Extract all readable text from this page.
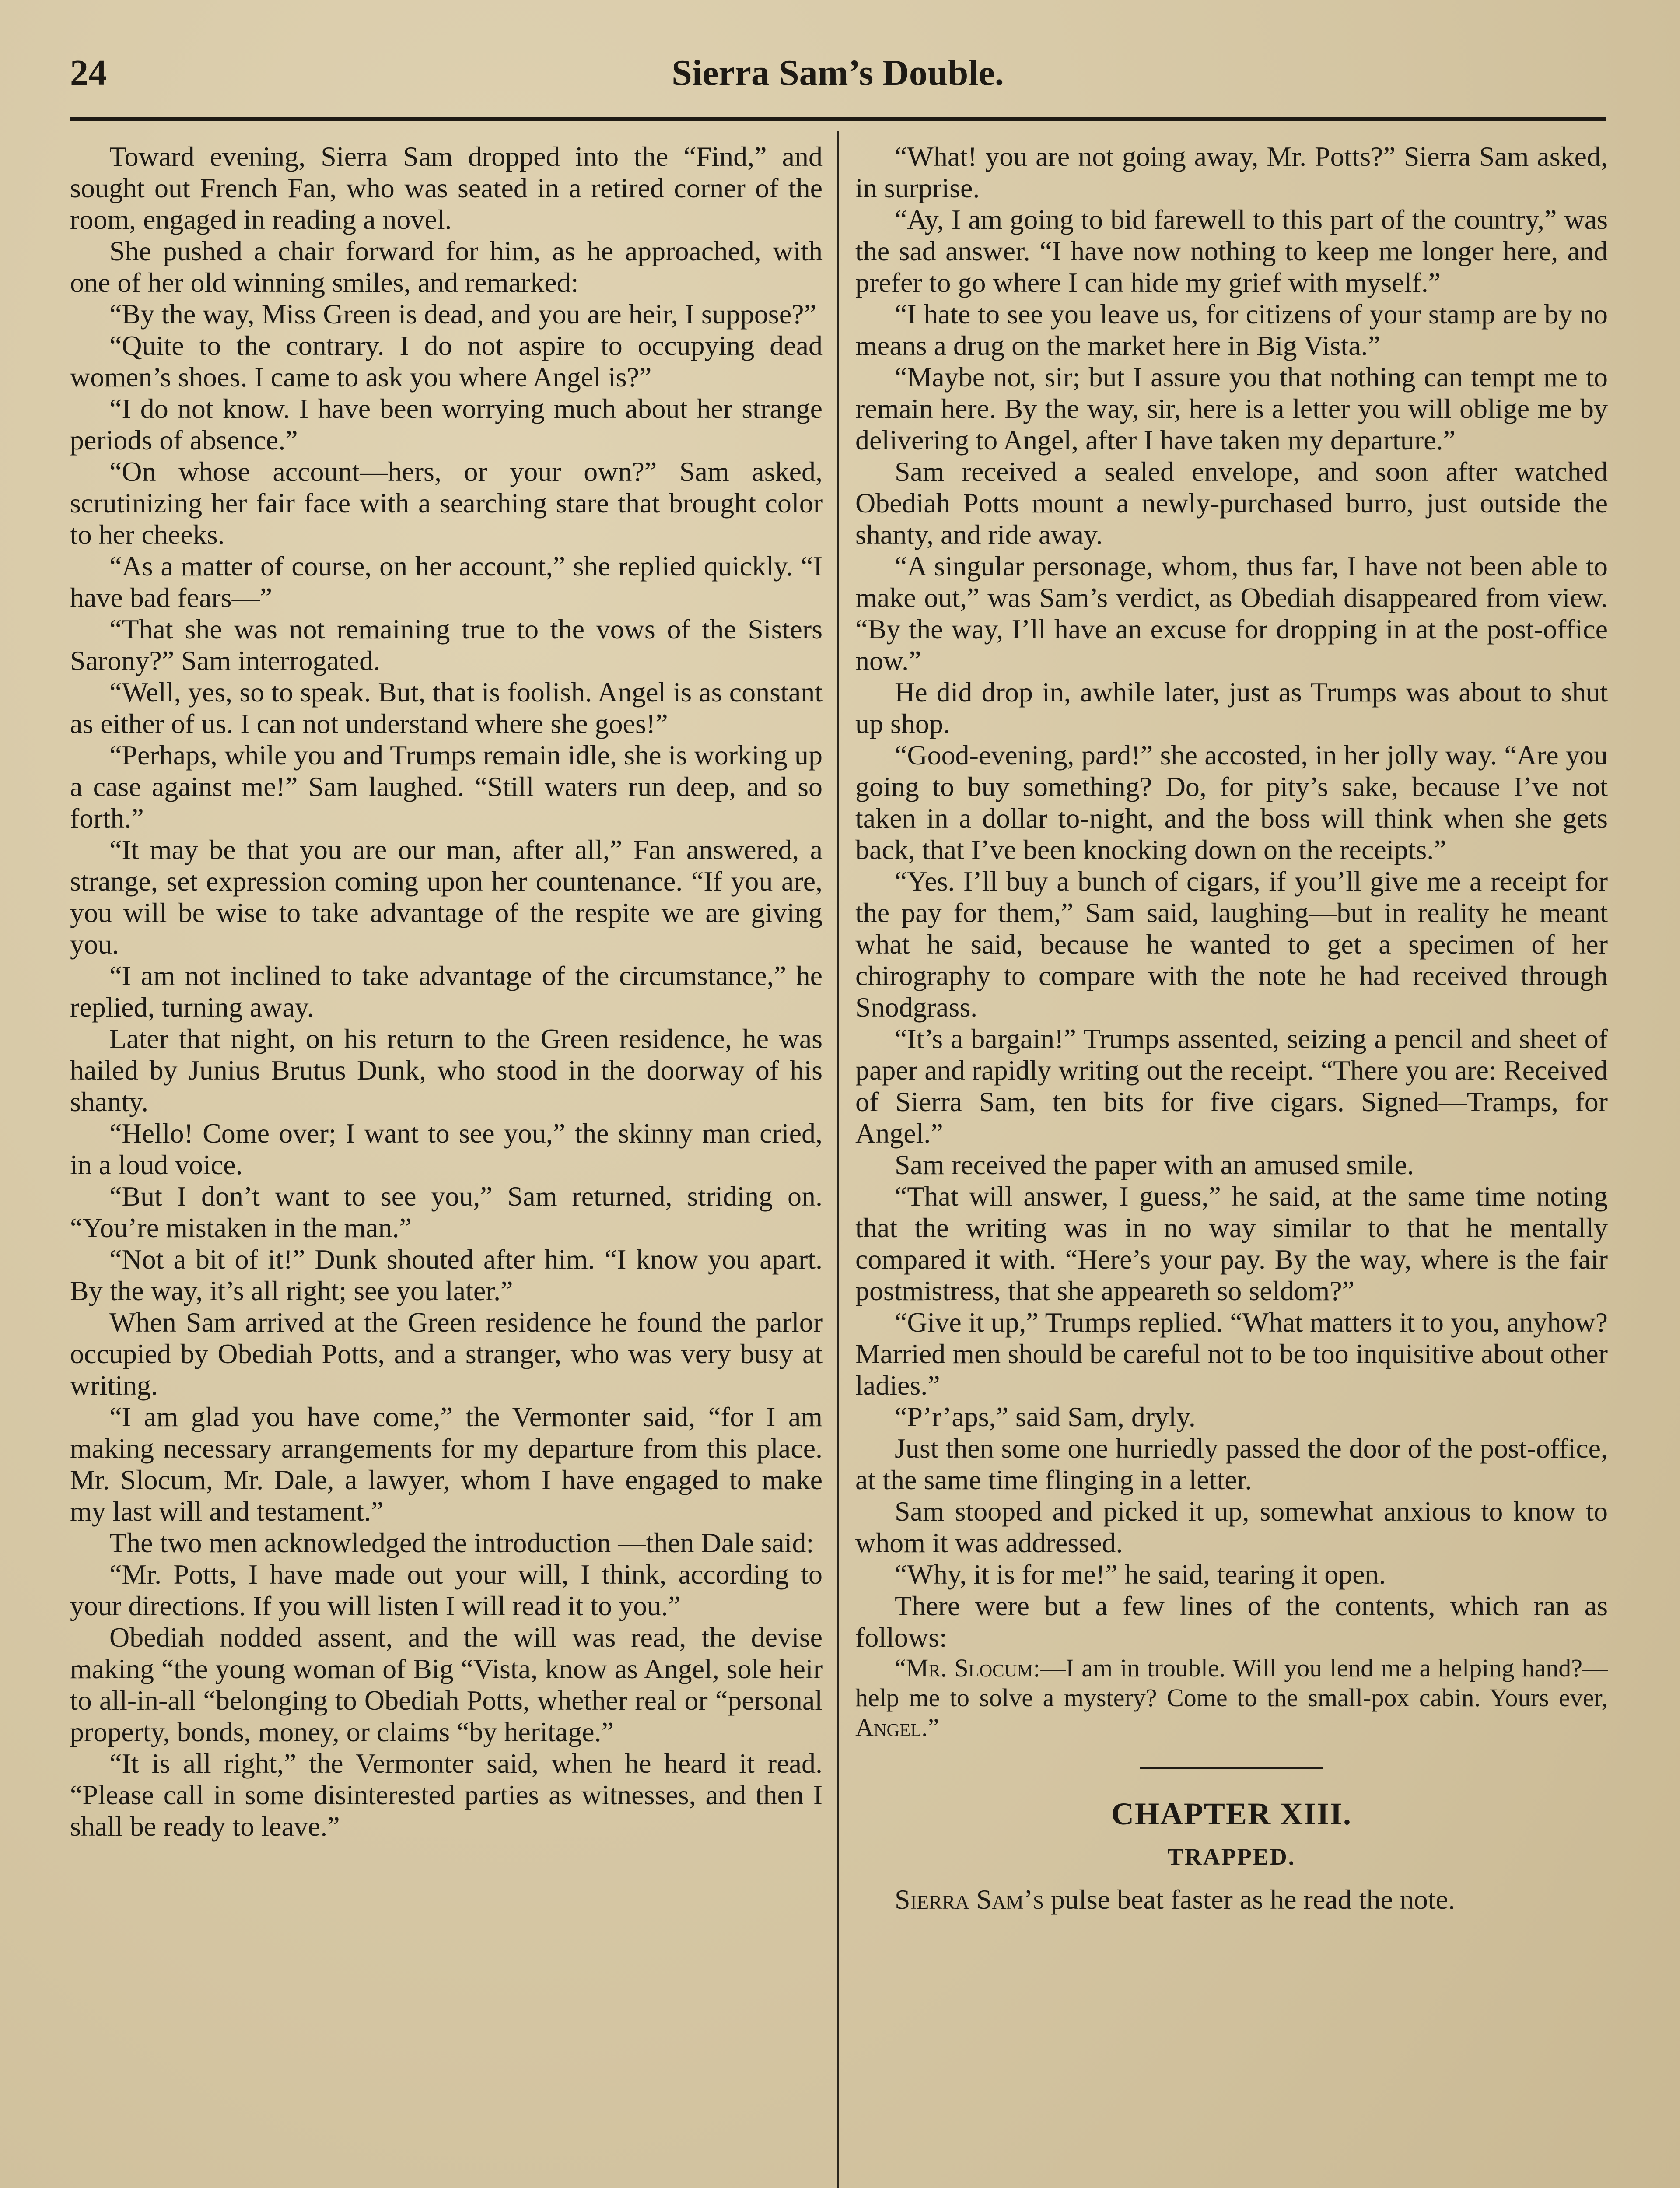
24	Sierra Sam’s Double.

Toward evening, Sierra Sam dropped into the “Find,” and sought out French Fan, who was seated in a retired corner of the room, engaged in reading a novel.

She pushed a chair forward for him, as he approached, with one of her old winning smiles, and remarked:

“By the way, Miss Green is dead, and you are heir, I suppose?”

“Quite to the contrary. I do not aspire to occupying dead women’s shoes. I came to ask you where Angel is?”

“I do not know. I have been worrying much about her strange periods of absence.”

“On whose account—hers, or your own?” Sam asked, scrutinizing her fair face with a searching stare that brought color to her cheeks.

“As a matter of course, on her account,” she replied quickly. “I have bad fears—”

“That she was not remaining true to the vows of the Sisters Sarony?” Sam interrogated.

“Well, yes, so to speak. But, that is foolish. Angel is as constant as either of us. I can not understand where she goes!”

“Perhaps, while you and Trumps remain idle, she is working up a case against me!” Sam laughed. “Still waters run deep, and so forth.”

“It may be that you are our man, after all,” Fan answered, a strange, set expression coming upon her countenance. “If you are, you will be wise to take advantage of the respite we are giving you.

“I am not inclined to take advantage of the circumstance,” he replied, turning away.

Later that night, on his return to the Green residence, he was hailed by Junius Brutus Dunk, who stood in the doorway of his shanty.

“Hello! Come over; I want to see you,” the skinny man cried, in a loud voice.

“But I don’t want to see you,” Sam returned, striding on. “You’re mistaken in the man.”

“Not a bit of it!” Dunk shouted after him. “I know you apart. By the way, it’s all right; see you later.”

When Sam arrived at the Green residence he found the parlor occupied by Obediah Potts, and a stranger, who was very busy at writing.

“I am glad you have come,” the Vermonter said, “for I am making necessary arrangements for my departure from this place. Mr. Slocum, Mr. Dale, a lawyer, whom I have engaged to make my last will and testament.”

The two men acknowledged the introduction —then Dale said:

“Mr. Potts, I have made out your will, I think, according to your directions. If you will listen I will read it to you.”

Obediah nodded assent, and the will was read, the devise making “the young woman of Big “Vista, know as Angel, sole heir to all-in-all “belonging to Obediah Potts, whether real or “personal property, bonds, money, or claims “by heritage.”

“It is all right,” the Vermonter said, when he heard it read. “Please call in some disinterested parties as witnesses, and then I shall be ready to leave.”

“What! you are not going away, Mr. Potts?” Sierra Sam asked, in surprise.

“Ay, I am going to bid farewell to this part of the country,” was the sad answer. “I have now nothing to keep me longer here, and prefer to go where I can hide my grief with myself.”

“I hate to see you leave us, for citizens of your stamp are by no means a drug on the market here in Big Vista.”

“Maybe not, sir; but I assure you that nothing can tempt me to remain here. By the way, sir, here is a letter you will oblige me by delivering to Angel, after I have taken my departure.”

Sam received a sealed envelope, and soon after watched Obediah Potts mount a newly-purchased burro, just outside the shanty, and ride away.

“A singular personage, whom, thus far, I have not been able to make out,” was Sam’s verdict, as Obediah disappeared from view. “By the way, I’ll have an excuse for dropping in at the post-office now.”

He did drop in, awhile later, just as Trumps was about to shut up shop.

“Good-evening, pard!” she accosted, in her jolly way. “Are you going to buy something? Do, for pity’s sake, because I’ve not taken in a dollar to-night, and the boss will think when she gets back, that I’ve been knocking down on the receipts.”

“Yes. I’ll buy a bunch of cigars, if you’ll give me a receipt for the pay for them,” Sam said, laughing—but in reality he meant what he said, because he wanted to get a specimen of her chirography to compare with the note he had received through Snodgrass.

“It’s a bargain!” Trumps assented, seizing a pencil and sheet of paper and rapidly writing out the receipt. “There you are: Received of Sierra Sam, ten bits for five cigars. Signed—Tramps, for Angel.”

Sam received the paper with an amused smile.

“That will answer, I guess,” he said, at the same time noting that the writing was in no way similar to that he mentally compared it with. “Here’s your pay. By the way, where is the fair postmistress, that she appeareth so seldom?”

“Give it up,” Trumps replied. “What matters it to you, anyhow? Married men should be careful not to be too inquisitive about other ladies.”

“P’r’aps,” said Sam, dryly.

Just then some one hurriedly passed the door of the post-office, at the same time flinging in a letter.

Sam stooped and picked it up, somewhat anxious to know to whom it was addressed.

“Why, it is for me!” he said, tearing it open.

There were but a few lines of the contents, which ran as follows:

“Mr. Slocum:—I am in trouble. Will you lend me a helping hand?—help me to solve a mystery? Come to the small-pox cabin. Yours ever, Angel.”

CHAPTER XIII.
TRAPPED.

Sierra Sam’s pulse beat faster as he read the note.
